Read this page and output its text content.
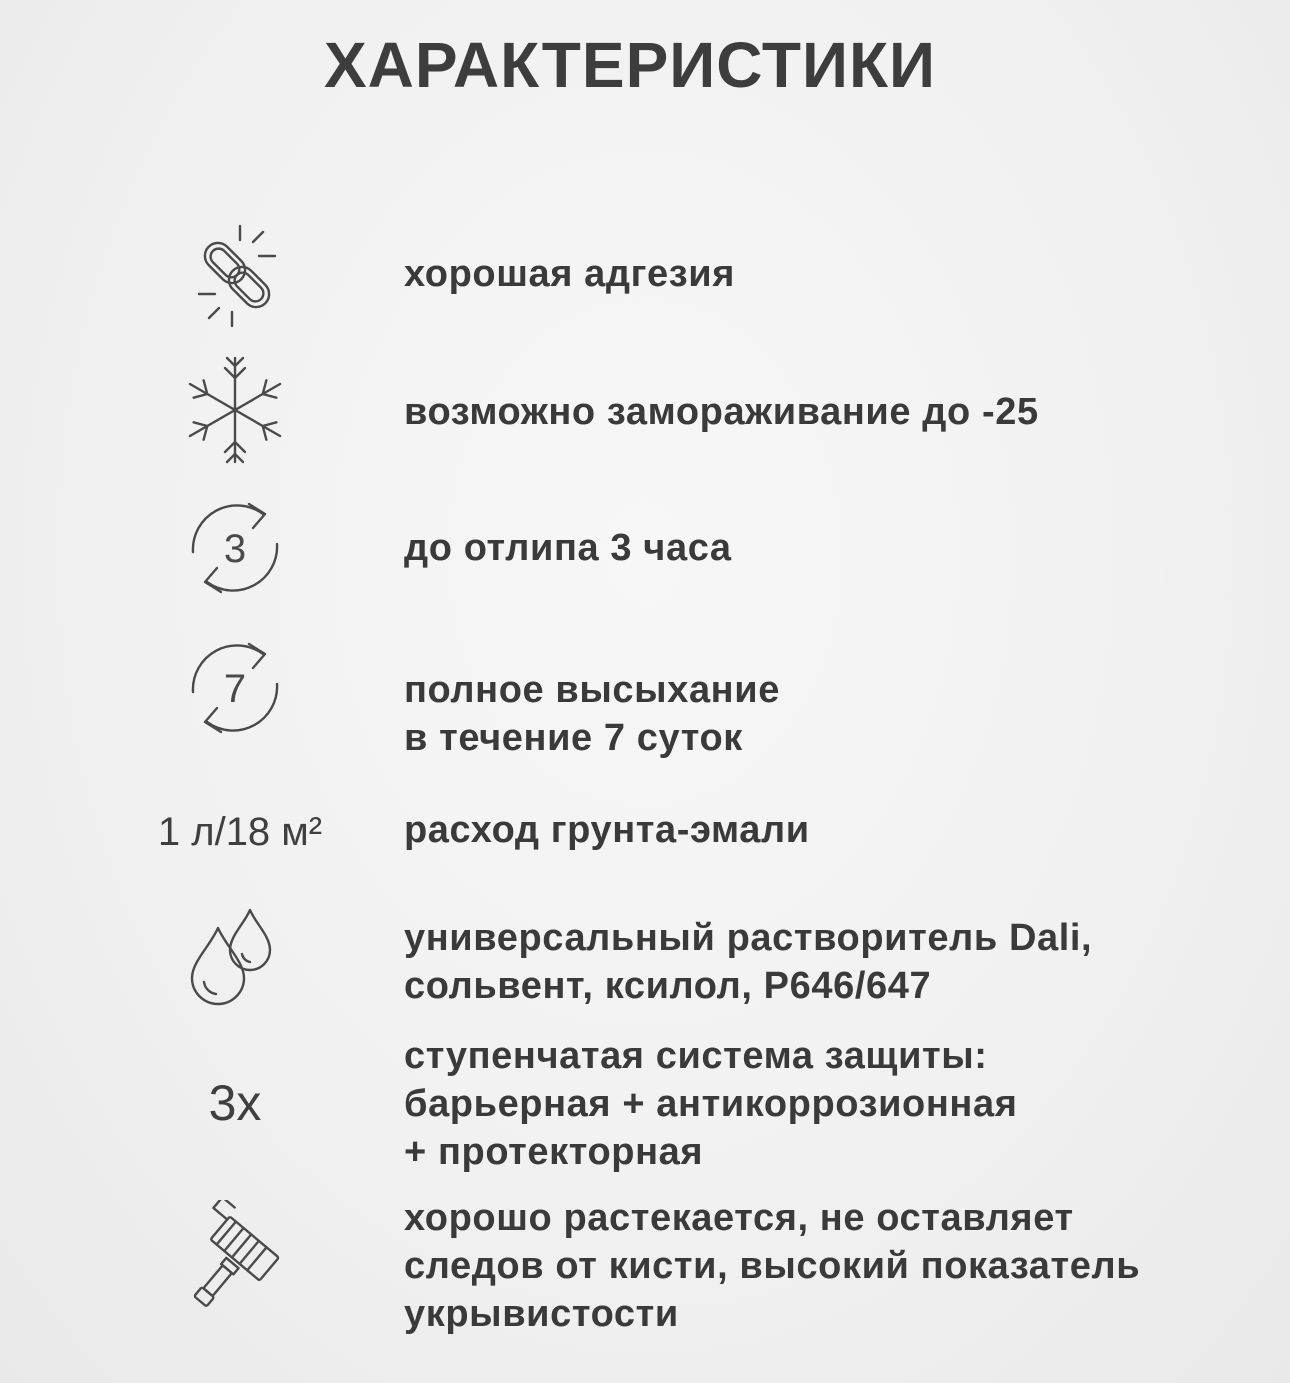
ХАРАКТЕРИСТИКИ
хорошая адгезия
возможно замораживание до -25
3	до отлипа 3 часа
7	полное высыхание
в течение 7 суток
1 л/18 м² расход грунта-эмали
универсальный растворитель Dali,
сольвент, ксилол, Р646/647
3х
ступенчатая система защиты:
барьерная + антикоррозионная
+ протекторная
хорошо растекается, не оставляет
следов от кисти, высокий показатель
укрывистости
